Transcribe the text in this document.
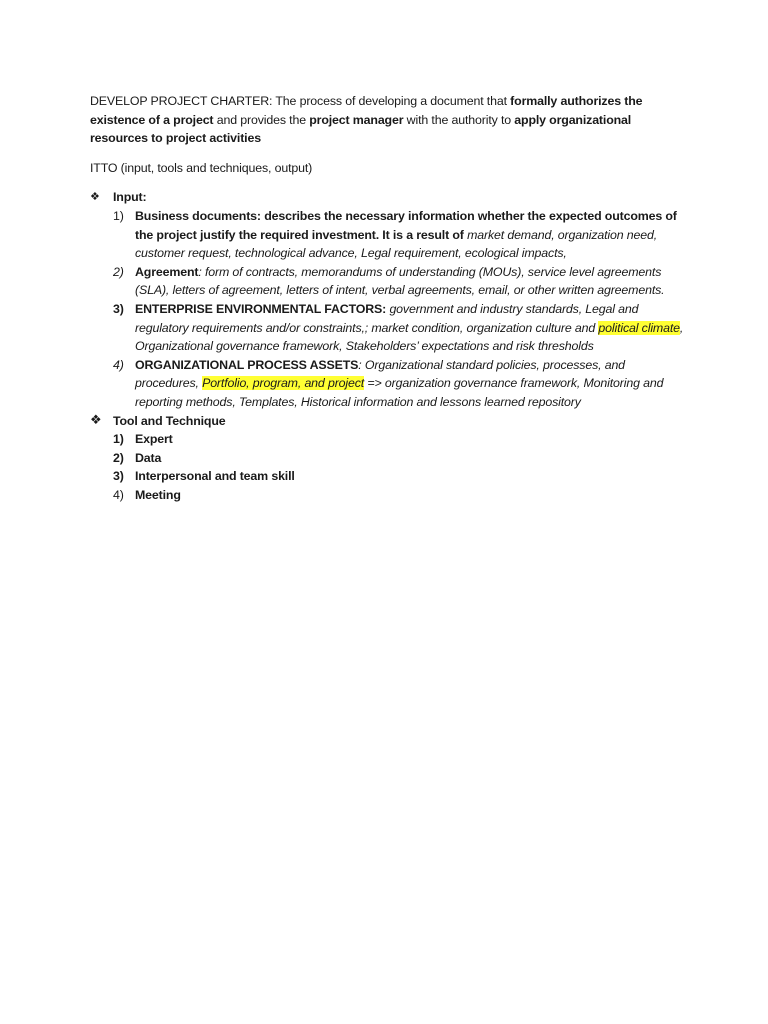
DEVELOP PROJECT CHARTER: The process of developing a document that formally authorizes the existence of a project and provides the project manager with the authority to apply organizational resources to project activities

ITTO (input, tools and techniques, output)

❖	Input:
1) Business documents: describes the necessary information whether the expected outcomes of the project justify the required investment. It is a result of market demand, organization need, customer request, technological advance, Legal requirement, ecological impacts,
2) Agreement: form of contracts, memorandums of understanding (MOUs), service level agreements (SLA), letters of agreement, letters of intent, verbal agreements, email, or other written agreements.
3) ENTERPRISE ENVIRONMENTAL FACTORS: government and industry standards, Legal and regulatory requirements and/or constraints,; market condition, organization culture and political climate, Organizational governance framework, Stakeholders’ expectations and risk thresholds
4) ORGANIZATIONAL PROCESS ASSETS: Organizational standard policies, processes, and procedures, Portfolio, program, and project => organization governance framework, Monitoring and reporting methods, Templates, Historical information and lessons learned repository
❖ Tool and Technique
1) Expert
2) Data
3) Interpersonal and team skill
4) Meeting
